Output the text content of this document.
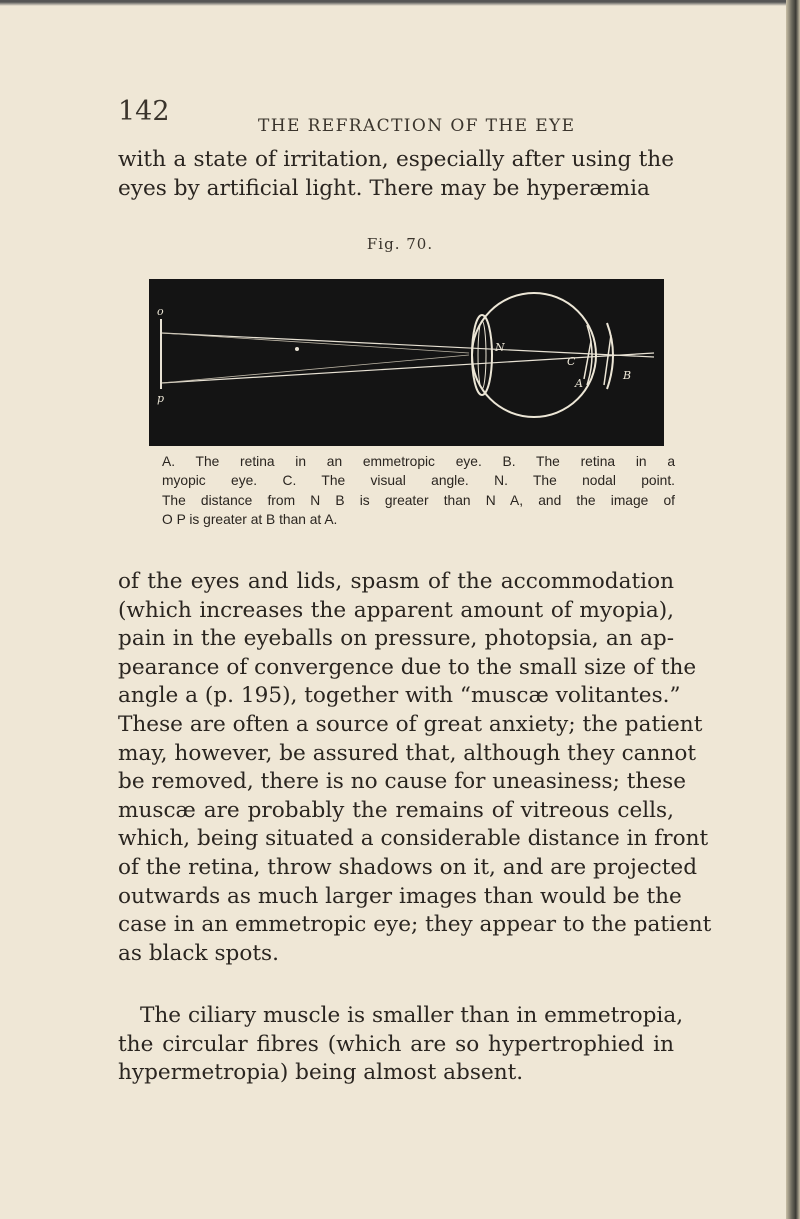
142	THE REFRACTION OF THE EYE
with a state of irritation, especially after using the
eyes by artificial light. There may be hyperæmia
Fig. 70.
o
p
N
C
A
B
A. The retina in an emmetropic eye. B. The retina in a
myopic eye. C. The visual angle. N. The nodal point.
The distance from N B is greater than N A, and the image of
O P is greater at B than at A.
of the eyes and lids, spasm of the accommodation
(which increases the apparent amount of myopia),
pain in the eyeballs on pressure, photopsia, an ap-
pearance of convergence due to the small size of the
angle a (p. 195), together with “muscæ volitantes.”
These are often a source of great anxiety; the patient
may, however, be assured that, although they cannot
be removed, there is no cause for uneasiness; these
muscæ are probably the remains of vitreous cells,
which, being situated a considerable distance in front
of the retina, throw shadows on it, and are projected
outwards as much larger images than would be the
case in an emmetropic eye; they appear to the patient
as black spots.
The ciliary muscle is smaller than in emmetropia,
the circular fibres (which are so hypertrophied in
hypermetropia) being almost absent.
